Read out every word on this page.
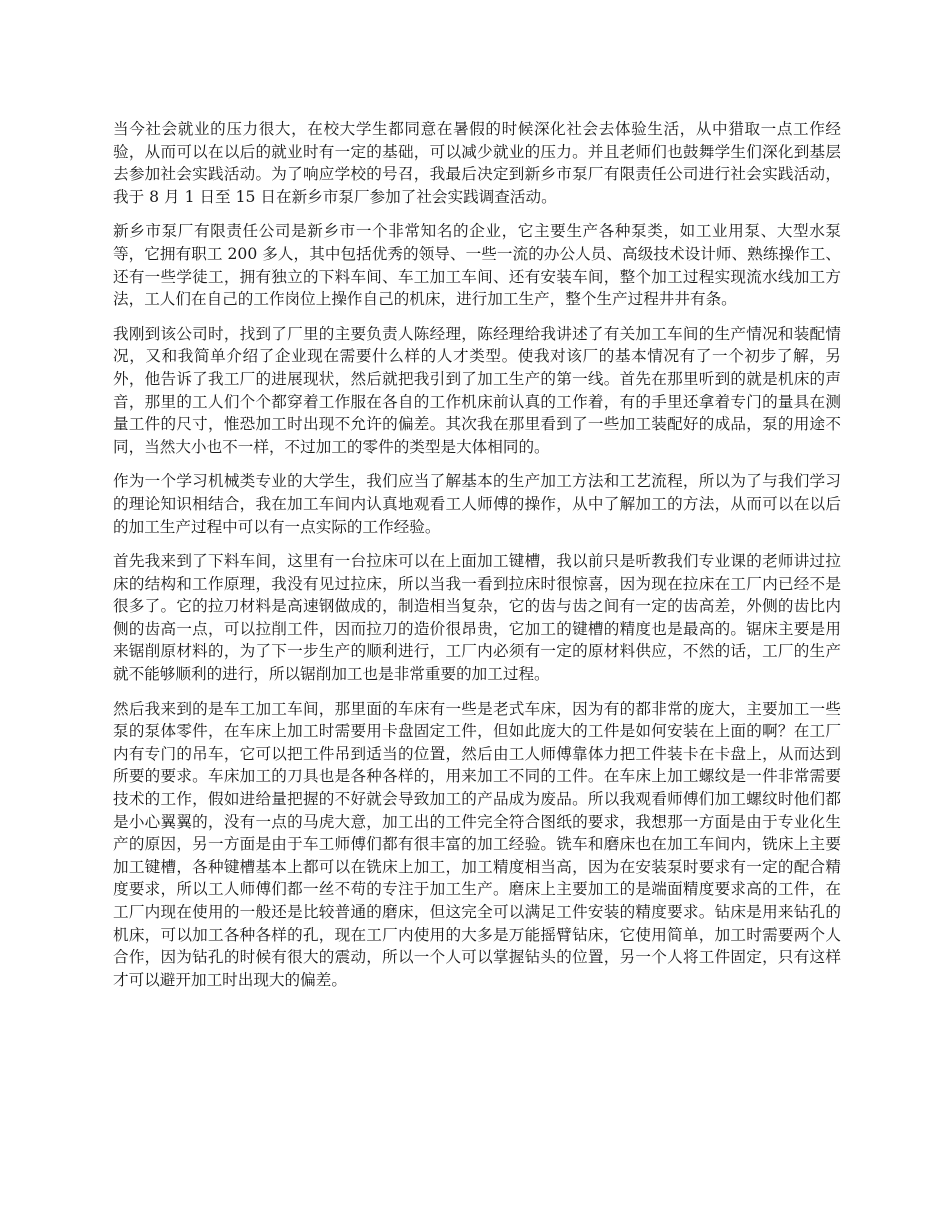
当今社会就业的压力很大，在校大学生都同意在暑假的时候深化社会去体验生活，从中猎取一点工作经验，从而可以在以后的就业时有一定的基础，可以减少就业的压力。并且老师们也鼓舞学生们深化到基层去参加社会实践活动。为了响应学校的号召，我最后决定到新乡市泵厂有限责任公司进行社会实践活动，我于 8 月 1 日至 15 日在新乡市泵厂参加了社会实践调查活动。

新乡市泵厂有限责任公司是新乡市一个非常知名的企业，它主要生产各种泵类，如工业用泵、大型水泵等，它拥有职工 200 多人，其中包括优秀的领导、一些一流的办公人员、高级技术设计师、熟练操作工、还有一些学徒工，拥有独立的下料车间、车工加工车间、还有安装车间，整个加工过程实现流水线加工方法，工人们在自己的工作岗位上操作自己的机床，进行加工生产，整个生产过程井井有条。

我刚到该公司时，找到了厂里的主要负责人陈经理，陈经理给我讲述了有关加工车间的生产情况和装配情况，又和我简单介绍了企业现在需要什么样的人才类型。使我对该厂的基本情况有了一个初步了解，另外，他告诉了我工厂的进展现状，然后就把我引到了加工生产的第一线。首先在那里听到的就是机床的声音，那里的工人们个个都穿着工作服在各自的工作机床前认真的工作着，有的手里还拿着专门的量具在测量工件的尺寸，惟恐加工时出现不允许的偏差。其次我在那里看到了一些加工装配好的成品，泵的用途不同，当然大小也不一样，不过加工的零件的类型是大体相同的。

作为一个学习机械类专业的大学生，我们应当了解基本的生产加工方法和工艺流程，所以为了与我们学习的理论知识相结合，我在加工车间内认真地观看工人师傅的操作，从中了解加工的方法，从而可以在以后的加工生产过程中可以有一点实际的工作经验。

首先我来到了下料车间，这里有一台拉床可以在上面加工键槽，我以前只是听教我们专业课的老师讲过拉床的结构和工作原理，我没有见过拉床，所以当我一看到拉床时很惊喜，因为现在拉床在工厂内已经不是很多了。它的拉刀材料是高速钢做成的，制造相当复杂，它的齿与齿之间有一定的齿高差，外侧的齿比内侧的齿高一点，可以拉削工件，因而拉刀的造价很昂贵，它加工的键槽的精度也是最高的。锯床主要是用来锯削原材料的，为了下一步生产的顺利进行，工厂内必须有一定的原材料供应，不然的话，工厂的生产就不能够顺利的进行，所以锯削加工也是非常重要的加工过程。

然后我来到的是车工加工车间，那里面的车床有一些是老式车床，因为有的都非常的庞大，主要加工一些泵的泵体零件，在车床上加工时需要用卡盘固定工件，但如此庞大的工件是如何安装在上面的啊？在工厂内有专门的吊车，它可以把工件吊到适当的位置，然后由工人师傅靠体力把工件装卡在卡盘上，从而达到所要的要求。车床加工的刀具也是各种各样的，用来加工不同的工件。在车床上加工螺纹是一件非常需要技术的工作，假如进给量把握的不好就会导致加工的产品成为废品。所以我观看师傅们加工螺纹时他们都是小心翼翼的，没有一点的马虎大意，加工出的工件完全符合图纸的要求，我想那一方面是由于专业化生产的原因，另一方面是由于车工师傅们都有很丰富的加工经验。铣车和磨床也在加工车间内，铣床上主要加工键槽，各种键槽基本上都可以在铣床上加工，加工精度相当高，因为在安装泵时要求有一定的配合精度要求，所以工人师傅们都一丝不苟的专注于加工生产。磨床上主要加工的是端面精度要求高的工件，在工厂内现在使用的一般还是比较普通的磨床，但这完全可以满足工件安装的精度要求。钻床是用来钻孔的机床，可以加工各种各样的孔，现在工厂内使用的大多是万能摇臂钻床，它使用简单，加工时需要两个人合作，因为钻孔的时候有很大的震动，所以一个人可以掌握钻头的位置，另一个人将工件固定，只有这样才可以避开加工时出现大的偏差。
